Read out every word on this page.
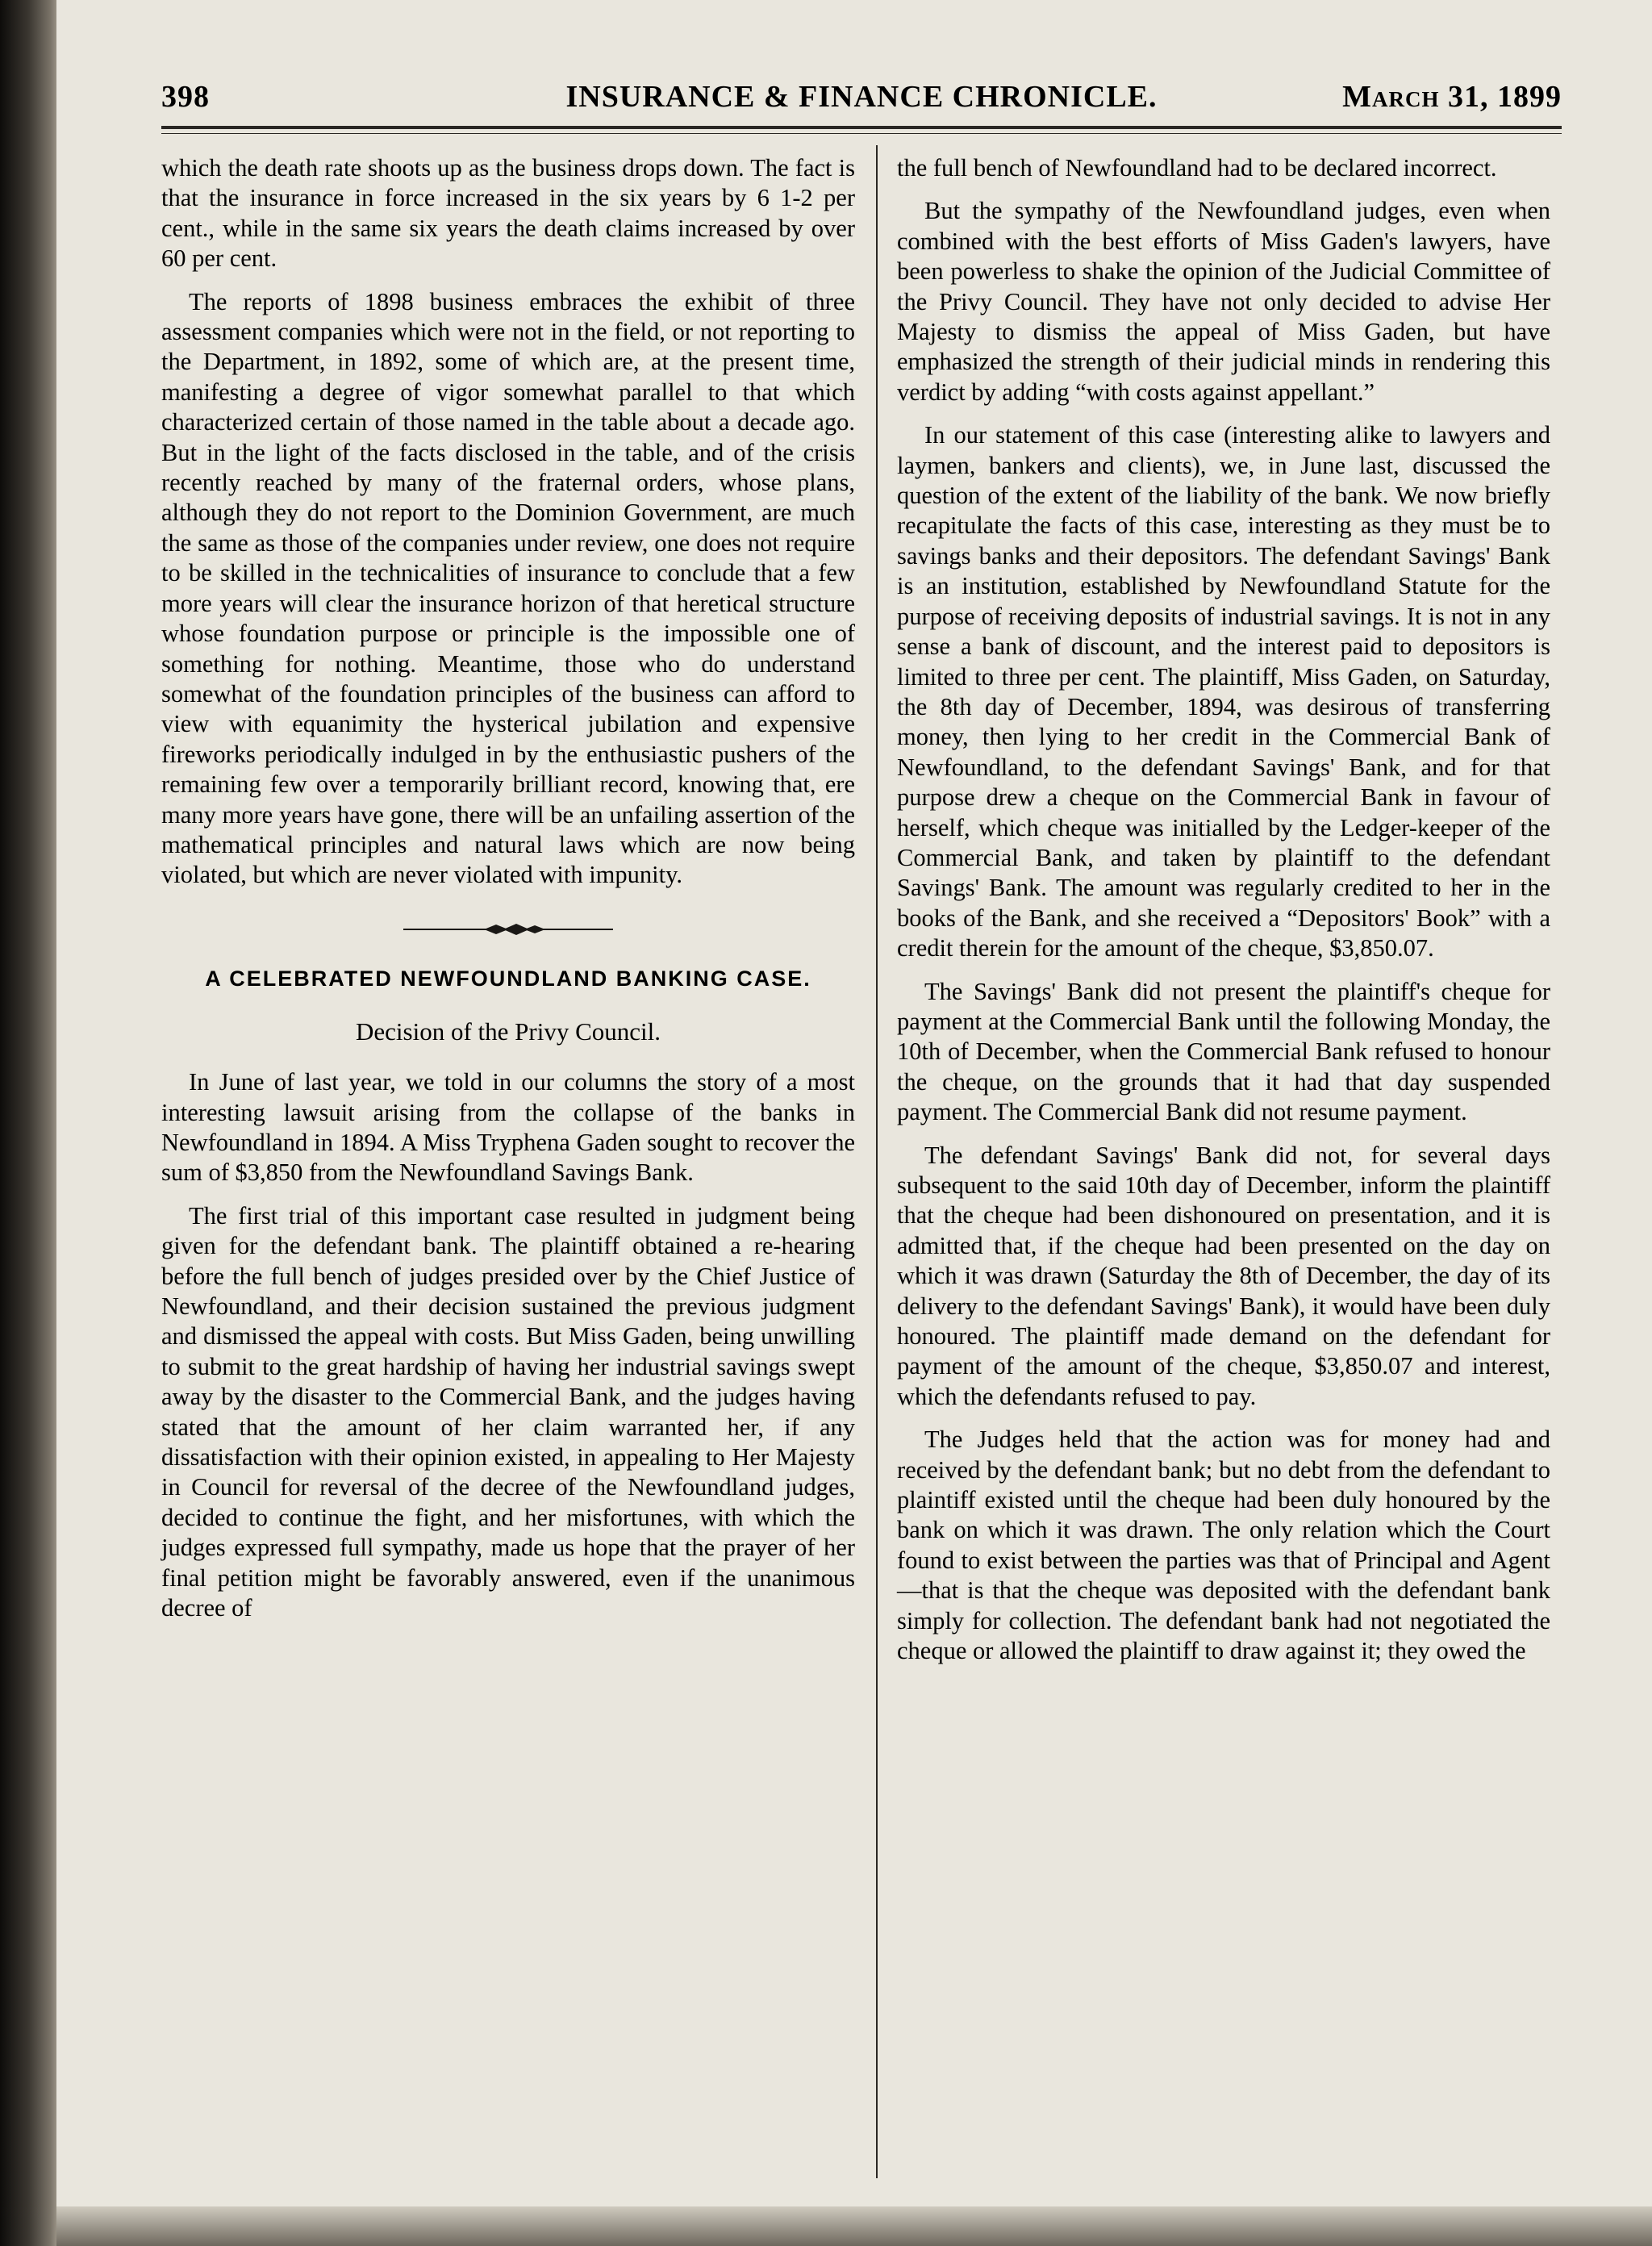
398	INSURANCE & FINANCE CHRONICLE.	March 31, 1899

which the death rate shoots up as the business drops down. The fact is that the insurance in force increased in the six years by 6 1-2 per cent., while in the same six years the death claims increased by over 60 per cent.

The reports of 1898 business embraces the exhibit of three assessment companies which were not in the field, or not reporting to the Department, in 1892, some of which are, at the present time, manifesting a degree of vigor somewhat parallel to that which characterized certain of those named in the table about a decade ago. But in the light of the facts disclosed in the table, and of the crisis recently reached by many of the fraternal orders, whose plans, although they do not report to the Dominion Government, are much the same as those of the companies under review, one does not require to be skilled in the technicalities of insurance to conclude that a few more years will clear the insurance horizon of that heretical structure whose foundation purpose or principle is the impossible one of something for nothing. Meantime, those who do understand somewhat of the foundation principles of the business can afford to view with equanimity the hysterical jubilation and expensive fireworks periodically indulged in by the enthusiastic pushers of the remaining few over a temporarily brilliant record, knowing that, ere many more years have gone, there will be an unfailing assertion of the mathematical principles and natural laws which are now being violated, but which are never violated with impunity.

A CELEBRATED NEWFOUNDLAND BANKING CASE.
Decision of the Privy Council.

In June of last year, we told in our columns the story of a most interesting lawsuit arising from the collapse of the banks in Newfoundland in 1894. A Miss Tryphena Gaden sought to recover the sum of $3,850 from the Newfoundland Savings Bank.

The first trial of this important case resulted in judgment being given for the defendant bank. The plaintiff obtained a re-hearing before the full bench of judges presided over by the Chief Justice of Newfoundland, and their decision sustained the previous judgment and dismissed the appeal with costs. But Miss Gaden, being unwilling to submit to the great hardship of having her industrial savings swept away by the disaster to the Commercial Bank, and the judges having stated that the amount of her claim warranted her, if any dissatisfaction with their opinion existed, in appealing to Her Majesty in Council for reversal of the decree of the Newfoundland judges, decided to continue the fight, and her misfortunes, with which the judges expressed full sympathy, made us hope that the prayer of her final petition might be favorably answered, even if the unanimous decree of

the full bench of Newfoundland had to be declared incorrect.

But the sympathy of the Newfoundland judges, even when combined with the best efforts of Miss Gaden's lawyers, have been powerless to shake the opinion of the Judicial Committee of the Privy Council. They have not only decided to advise Her Majesty to dismiss the appeal of Miss Gaden, but have emphasized the strength of their judicial minds in rendering this verdict by adding “with costs against appellant.”

In our statement of this case (interesting alike to lawyers and laymen, bankers and clients), we, in June last, discussed the question of the extent of the liability of the bank. We now briefly recapitulate the facts of this case, interesting as they must be to savings banks and their depositors. The defendant Savings' Bank is an institution, established by Newfoundland Statute for the purpose of receiving deposits of industrial savings. It is not in any sense a bank of discount, and the interest paid to depositors is limited to three per cent. The plaintiff, Miss Gaden, on Saturday, the 8th day of December, 1894, was desirous of transferring money, then lying to her credit in the Commercial Bank of Newfoundland, to the defendant Savings' Bank, and for that purpose drew a cheque on the Commercial Bank in favour of herself, which cheque was initialled by the Ledger-keeper of the Commercial Bank, and taken by plaintiff to the defendant Savings' Bank. The amount was regularly credited to her in the books of the Bank, and she received a “Depositors' Book” with a credit therein for the amount of the cheque, $3,850.07.

The Savings' Bank did not present the plaintiff's cheque for payment at the Commercial Bank until the following Monday, the 10th of December, when the Commercial Bank refused to honour the cheque, on the grounds that it had that day suspended payment. The Commercial Bank did not resume payment.

The defendant Savings' Bank did not, for several days subsequent to the said 10th day of December, inform the plaintiff that the cheque had been dishonoured on presentation, and it is admitted that, if the cheque had been presented on the day on which it was drawn (Saturday the 8th of December, the day of its delivery to the defendant Savings' Bank), it would have been duly honoured. The plaintiff made demand on the defendant for payment of the amount of the cheque, $3,850.07 and interest, which the defendants refused to pay.

The Judges held that the action was for money had and received by the defendant bank; but no debt from the defendant to plaintiff existed until the cheque had been duly honoured by the bank on which it was drawn. The only relation which the Court found to exist between the parties was that of Principal and Agent—that is that the cheque was deposited with the defendant bank simply for collection. The defendant bank had not negotiated the cheque or allowed the plaintiff to draw against it; they owed the
